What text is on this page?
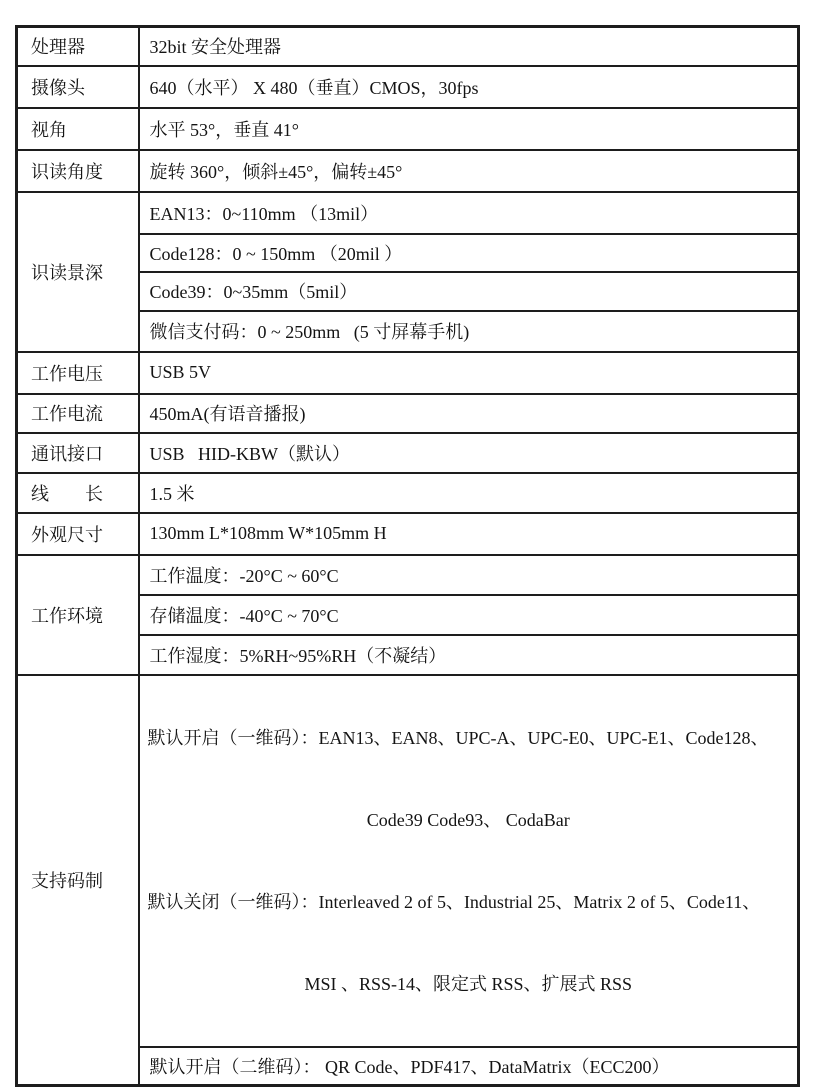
处理器	32bit 安全处理器
摄像头	640（水平） X 480（垂直）CMOS，30fps
视角	水平 53°，垂直 41°
识读角度	旋转 360°，倾斜±45°，偏转±45°
识读景深	EAN13：0~110mm （13mil）
	Code128：0 ~ 150mm （20mil ）
	Code39：0~35mm（5mil）
	微信支付码：0 ~ 250mm   (5 寸屏幕手机)
工作电压	USB 5V
工作电流	450mA(有语音播报)
通讯接口	USB   HID-KBW（默认）
线　　长	1.5 米
外观尺寸	130mm L*108mm W*105mm H
工作环境	工作温度：-20°C ~ 60°C
	存储温度：-40°C ~ 70°C
	工作湿度：5%RH~95%RH（不凝结）
支持码制	默认开启（一维码）：EAN13、EAN8、UPC-A、UPC-E0、UPC-E1、Code128、

Code39 Code93、 CodaBar

默认关闭（一维码）：Interleaved 2 of 5、Industrial 25、Matrix 2 of 5、Code11、

MSI 、RSS-14、限定式 RSS、扩展式 RSS

	默认开启（二维码）： QR Code、PDF417、DataMatrix（ECC200）
